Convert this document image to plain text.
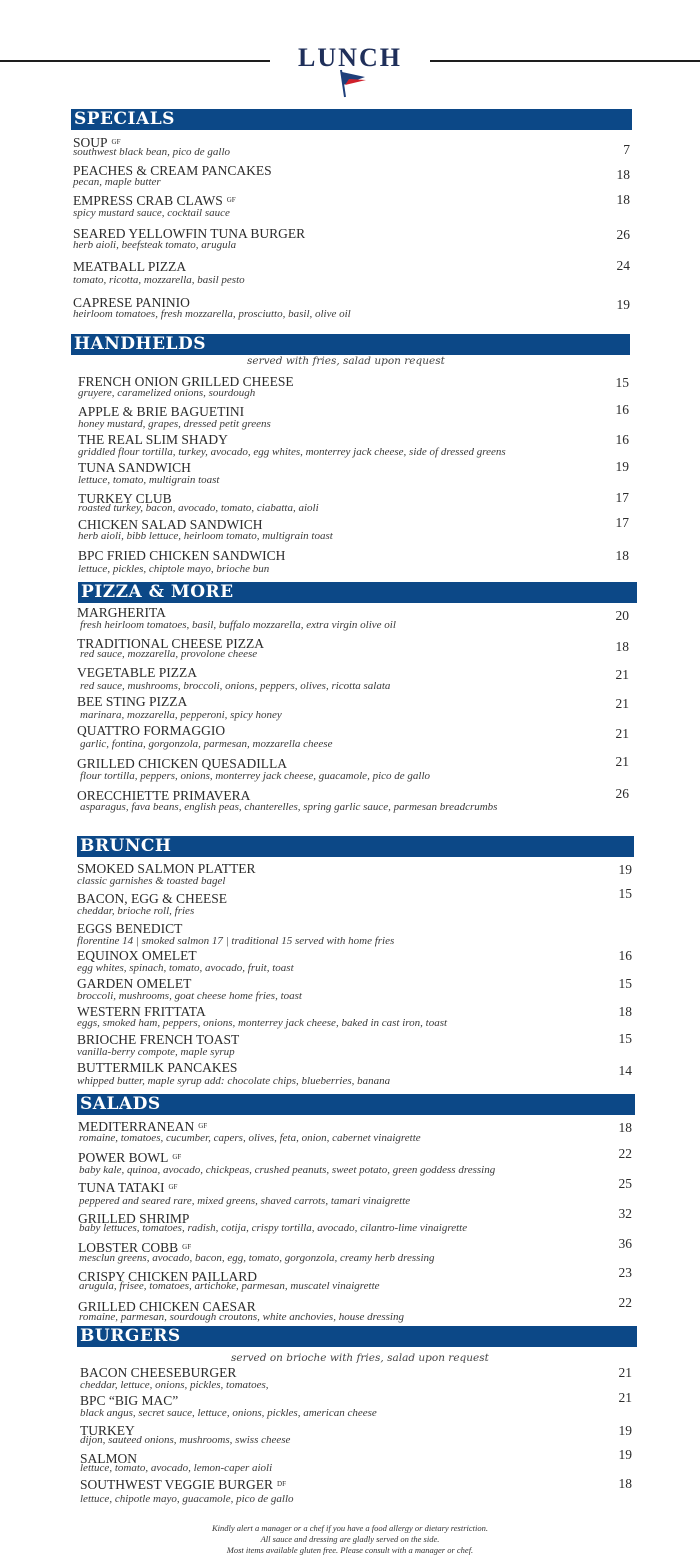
LUNCH
SPECIALS
SOUP $^{GF}$
southwest black bean, pico de gallo	7
PEACHES & CREAM PANCAKES
pecan, maple butter	18
EMPRESS CRAB CLAWS $^{GF}$
spicy mustard sauce, cocktail sauce
18
SEARED YELLOWFIN TUNA BURGER
herb aioli, beefsteak tomato, arugula
26
MEATBALL PIZZA
tomato, ricotta, mozzarella, basil pesto
24
CAPRESE PANINIO
heirloom tomatoes, fresh mozzarella, prosciutto, basil, olive oil
19
HANDHELDS
served with fries, salad upon request
FRENCH ONION GRILLED CHEESE
gruyere, caramelized onions, sourdough
15
APPLE & BRIE BAGUETINI
honey mustard, grapes, dressed petit greens
16
THE REAL SLIM SHADY
griddled flour tortilla, turkey, avocado, egg whites, monterrey jack cheese, side of dressed greens
16
TUNA SANDWICH
lettuce, tomato, multigrain toast
19
TURKEY CLUB
roasted turkey, bacon, avocado, tomato, ciabatta, aioli
17
CHICKEN SALAD SANDWICH
herb aioli, bibb lettuce, heirloom tomato, multigrain toast
17
BPC FRIED CHICKEN SANDWICH
lettuce, pickles, chiptole mayo, brioche bun
18
PIZZA & MORE
MARGHERITA
fresh heirloom tomatoes, basil, buffalo mozzarella, extra virgin olive oil
20
TRADITIONAL CHEESE PIZZA
red sauce, mozzarella, provolone cheese	18
VEGETABLE PIZZA
red sauce, mushrooms, broccoli, onions, peppers, olives, ricotta salata
21
BEE STING PIZZA
marinara, mozzarella, pepperoni, spicy honey
21
QUATTRO FORMAGGIO
garlic, fontina, gorgonzola, parmesan, mozzarella cheese
21
GRILLED CHICKEN QUESADILLA
flour tortilla, peppers, onions, monterrey jack cheese, guacamole, pico de gallo
21
ORECCHIETTE PRIMAVERA
asparagus, fava beans, english peas, chanterelles, spring garlic sauce, parmesan breadcrumbs
26
BRUNCH
SMOKED SALMON PLATTER
classic garnishes & toasted bagel
19
BACON, EGG & CHEESE
cheddar, brioche roll, fries
15
EGGS BENEDICT
florentine 14 | smoked salmon 17 | traditional 15 served with home fries
EQUINOX OMELET
egg whites, spinach, tomato, avocado, fruit, toast
16
GARDEN OMELET
broccoli, mushrooms, goat cheese home fries, toast
15
WESTERN FRITTATA
eggs, smoked ham, peppers, onions, monterrey jack cheese, baked in cast iron, toast
18
BRIOCHE FRENCH TOAST
vanilla-berry compote, maple syrup
15
BUTTERMILK PANCAKES
whipped butter, maple syrup add: chocolate chips, blueberries, banana
14
SALADS
MEDITERRANEAN $^{GF}$
romaine, tomatoes, cucumber, capers, olives, feta, onion, cabernet vinaigrette
18
POWER BOWL $^{GF}$
baby kale, quinoa, avocado, chickpeas, crushed peanuts, sweet potato, green goddess dressing
22
TUNA TATAKI $^{GF}$
peppered and seared rare, mixed greens, shaved carrots, tamari vinaigrette
25
GRILLED SHRIMP
baby lettuces, tomatoes, radish, cotija, crispy tortilla, avocado, cilantro-lime vinaigrette
32
LOBSTER COBB $^{GF}$
mesclun greens, avocado, bacon, egg, tomato, gorgonzola, creamy herb dressing
36
CRISPY CHICKEN PAILLARD
arugula, frisee, tomatoes, artichoke, parmesan, muscatel vinaigrette
23
GRILLED CHICKEN CAESAR
romaine, parmesan, sourdough croutons, white anchovies, house dressing
22
BURGERS
served on brioche with fries, salad upon request
BACON CHEESEBURGER
cheddar, lettuce, onions, pickles, tomatoes,
21
BPC “BIG MAC”
black angus, secret sauce, lettuce, onions, pickles, american cheese
21
TURKEY
dijon, sauteed onions, mushrooms, swiss cheese
19
SALMON
lettuce, tomato, avocado, lemon-caper aioli
19
SOUTHWEST VEGGIE BURGER $^{DF}$
lettuce, chipotle mayo, guacamole, pico de gallo
18
Kindly alert a manager or a chef if you have a food allergy or dietary restriction.
All sauce and dressing are gladly served on the side.
Most items available gluten free. Please consult with a manager or chef.
